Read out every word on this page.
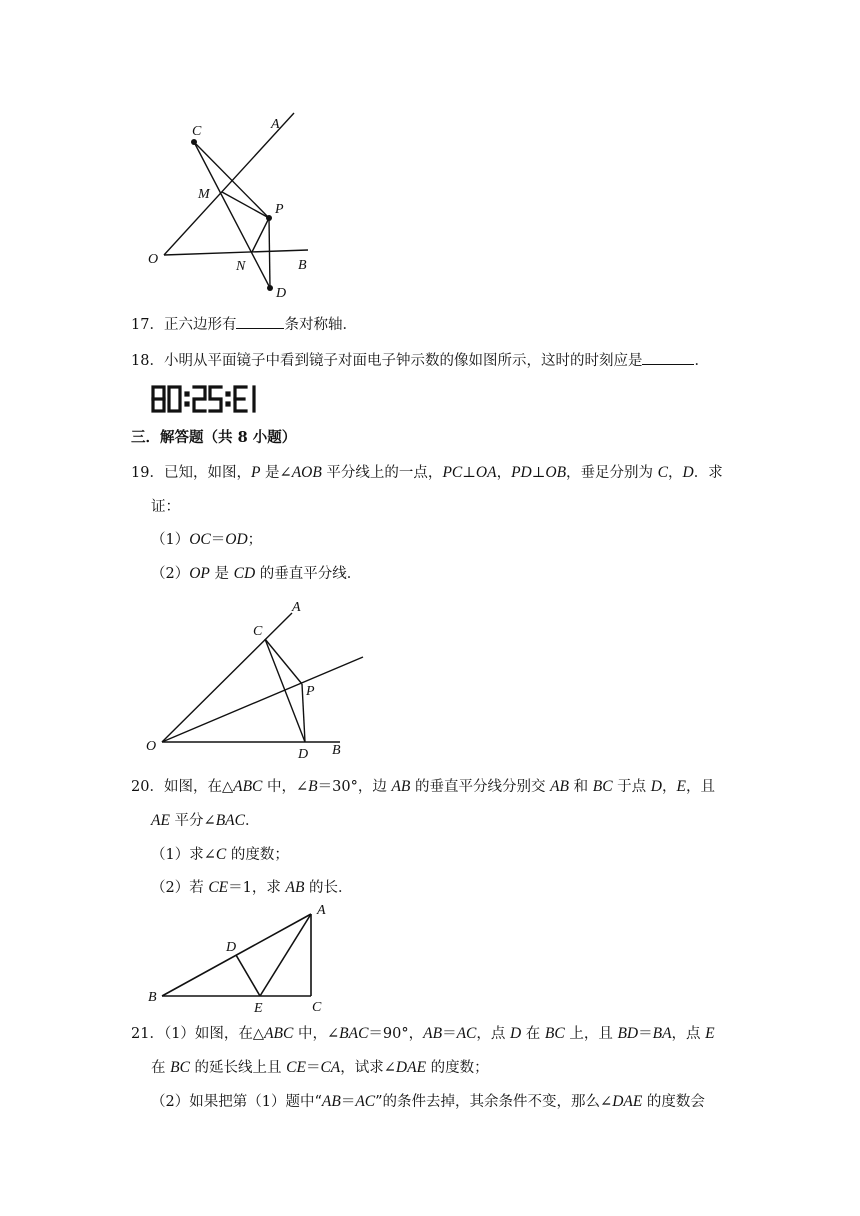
C	A
M
P
O	N	B
D
17．正六边形有	条对称轴．
18．小明从平面镜子中看到镜子对面电子钟示数的像如图所示，这时的时刻应是	．
三．解答题（共 8 小题）
19．已知，如图，P 是∠AOB 平分线上的一点，PC⊥OA，PD⊥OB，垂足分别为 C，D．求
证：
（1）OC＝OD；
（2）OP 是 CD 的垂直平分线．
A
C
P
O
D B
20．如图，在△ABC 中，∠B＝30°，边 AB 的垂直平分线分别交 AB 和 BC 于点 D，E，且
AE 平分∠BAC．
（1）求∠C 的度数；
（2）若 CE＝1，求 AB 的长．
A
D
B
E	C
21．（1）如图，在△ABC 中，∠BAC＝90°，AB＝AC，点 D 在 BC 上，且 BD＝BA，点 E
在 BC 的延长线上且 CE＝CA，试求∠DAE 的度数；
（2）如果把第（1）题中“AB＝AC”的条件去掉，其余条件不变，那么∠DAE 的度数会
